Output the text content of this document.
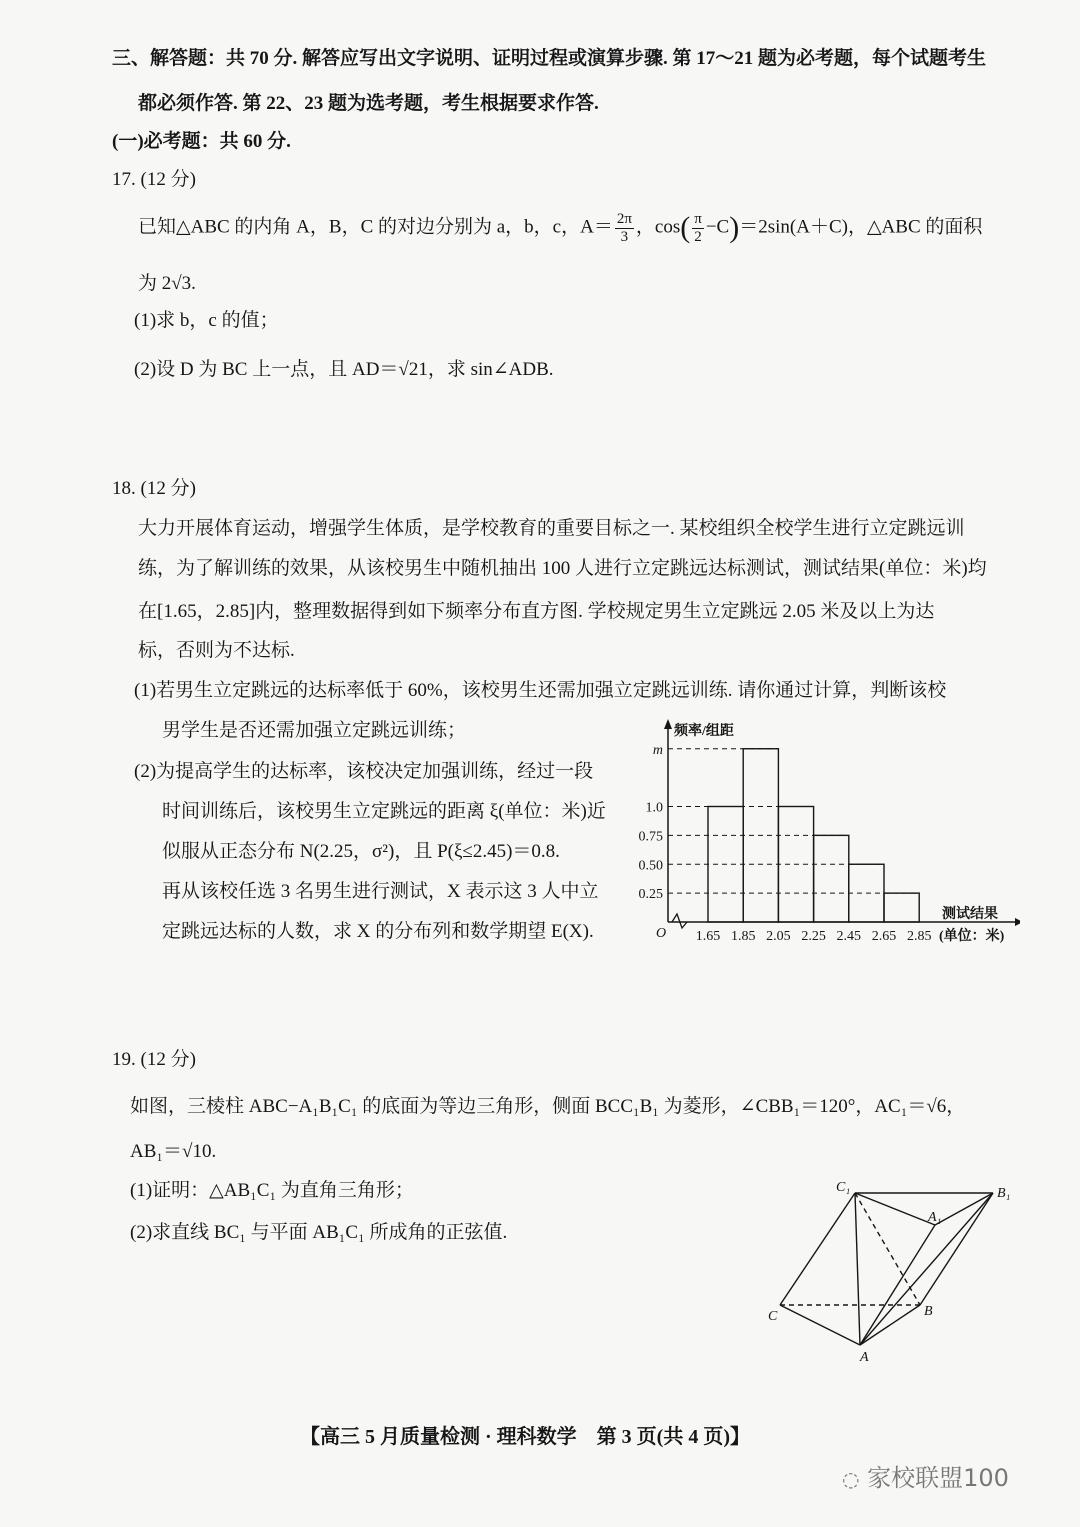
三、解答题：共 70 分. 解答应写出文字说明、证明过程或演算步骤. 第 17～21 题为必考题，每个试题考生
都必须作答. 第 22、23 题为选考题，考生根据要求作答.
(一)必考题：共 60 分.
17. (12 分)
已知△ABC 的内角 A，B，C 的对边分别为 a，b，c，$A= \frac{2\pi}{3}$ ，$\cos( \frac{\pi}{2} -C)=2\sin(A+C)$，△ABC 的面积
为 2√3.
(1)求 b，c 的值；
(2)设 D 为 BC 上一点，且 AD＝√21，求 sin∠ADB.
18. (12 分)
大力开展体育运动，增强学生体质，是学校教育的重要目标之一. 某校组织全校学生进行立定跳远训
练，为了解训练的效果，从该校男生中随机抽出 100 人进行立定跳远达标测试，测试结果(单位：米)均
在[1.65，2.85]内，整理数据得到如下频率分布直方图. 学校规定男生立定跳远 2.05 米及以上为达
标，否则为不达标.
(1)若男生立定跳远的达标率低于 60%，该校男生还需加强立定跳远训练. 请你通过计算，判断该校
男学生是否还需加强立定跳远训练；
(2)为提高学生的达标率，该校决定加强训练，经过一段
时间训练后，该校男生立定跳远的距离 ξ(单位：米)近
似服从正态分布 N(2.25，σ²)，且 P(ξ≤2.45)＝0.8.
再从该校任选 3 名男生进行测试，X 表示这 3 人中立
定跳远达标的人数，求 X 的分布列和数学期望 E(X).
频率/组距
测试结果
(单位：米)
O
0.25
0.50
0.75
1.0
m
1.65 1.85 2.05 2.25 2.45 2.65 2.85
19. (12 分)
如图，三棱柱 ABC−A₁B₁C₁ 的底面为等边三角形，侧面 BCC₁B₁ 为菱形，∠CBB₁＝120°，AC₁＝√6，
AB₁＝√10.
(1)证明：△AB₁C₁ 为直角三角形；
(2)求直线 BC₁ 与平面 AB₁C₁ 所成角的正弦值.
C₁	B₁
A₁
C	B
A
【高三 5 月质量检测 · 理科数学　第 3 页(共 4 页)】
◌ 家校联盟100
